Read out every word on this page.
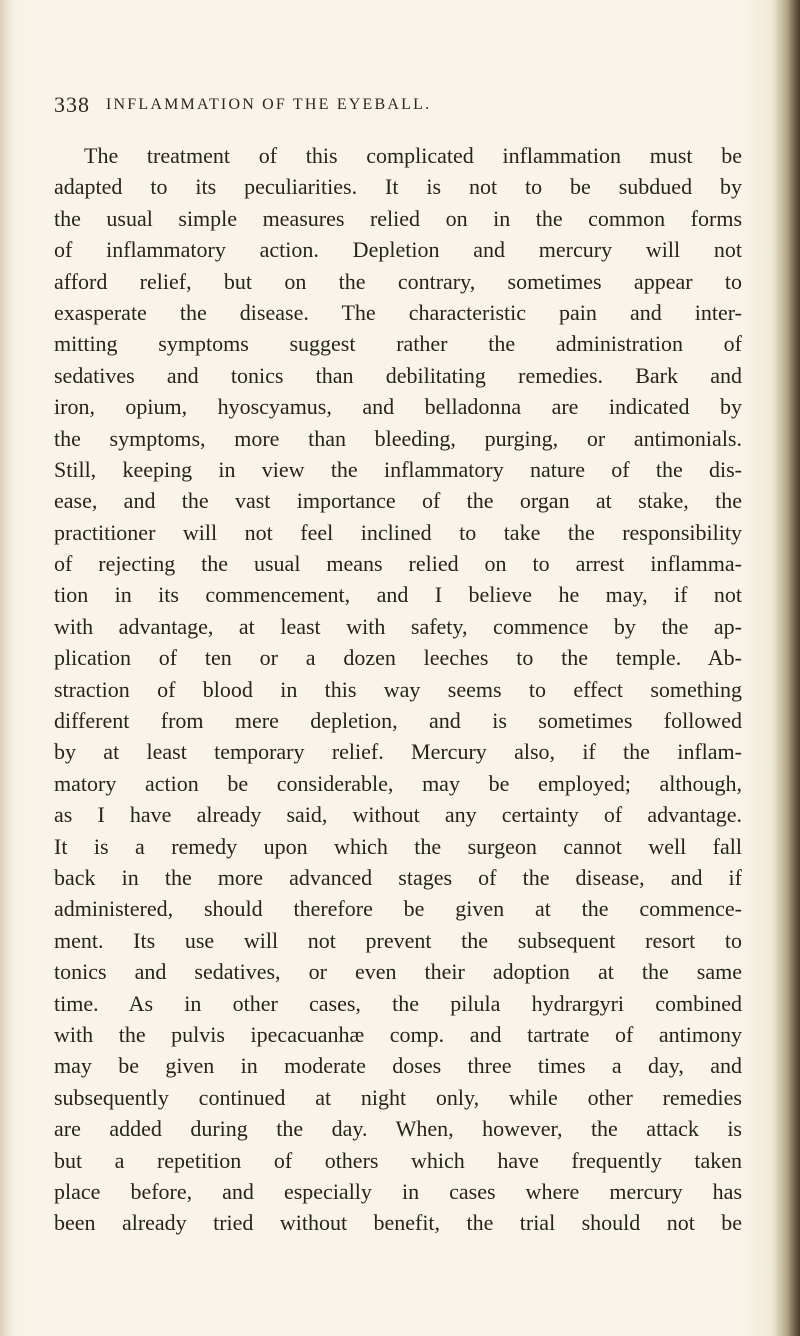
338 INFLAMMATION OF THE EYEBALL.
The treatment of this complicated inflammation must be
adapted to its peculiarities. It is not to be subdued by
the usual simple measures relied on in the common forms
of inflammatory action. Depletion and mercury will not
afford relief, but on the contrary, sometimes appear to
exasperate the disease. The characteristic pain and inter-
mitting symptoms suggest rather the administration of
sedatives and tonics than debilitating remedies. Bark and
iron, opium, hyoscyamus, and belladonna are indicated by
the symptoms, more than bleeding, purging, or antimonials.
Still, keeping in view the inflammatory nature of the dis-
ease, and the vast importance of the organ at stake, the
practitioner will not feel inclined to take the responsibility
of rejecting the usual means relied on to arrest inflamma-
tion in its commencement, and I believe he may, if not
with advantage, at least with safety, commence by the ap-
plication of ten or a dozen leeches to the temple. Ab-
straction of blood in this way seems to effect something
different from mere depletion, and is sometimes followed
by at least temporary relief. Mercury also, if the inflam-
matory action be considerable, may be employed; although,
as I have already said, without any certainty of advantage.
It is a remedy upon which the surgeon cannot well fall
back in the more advanced stages of the disease, and if
administered, should therefore be given at the commence-
ment. Its use will not prevent the subsequent resort to
tonics and sedatives, or even their adoption at the same
time. As in other cases, the pilula hydrargyri combined
with the pulvis ipecacuanhæ comp. and tartrate of antimony
may be given in moderate doses three times a day, and
subsequently continued at night only, while other remedies
are added during the day. When, however, the attack is
but a repetition of others which have frequently taken
place before, and especially in cases where mercury has
been already tried without benefit, the trial should not be
